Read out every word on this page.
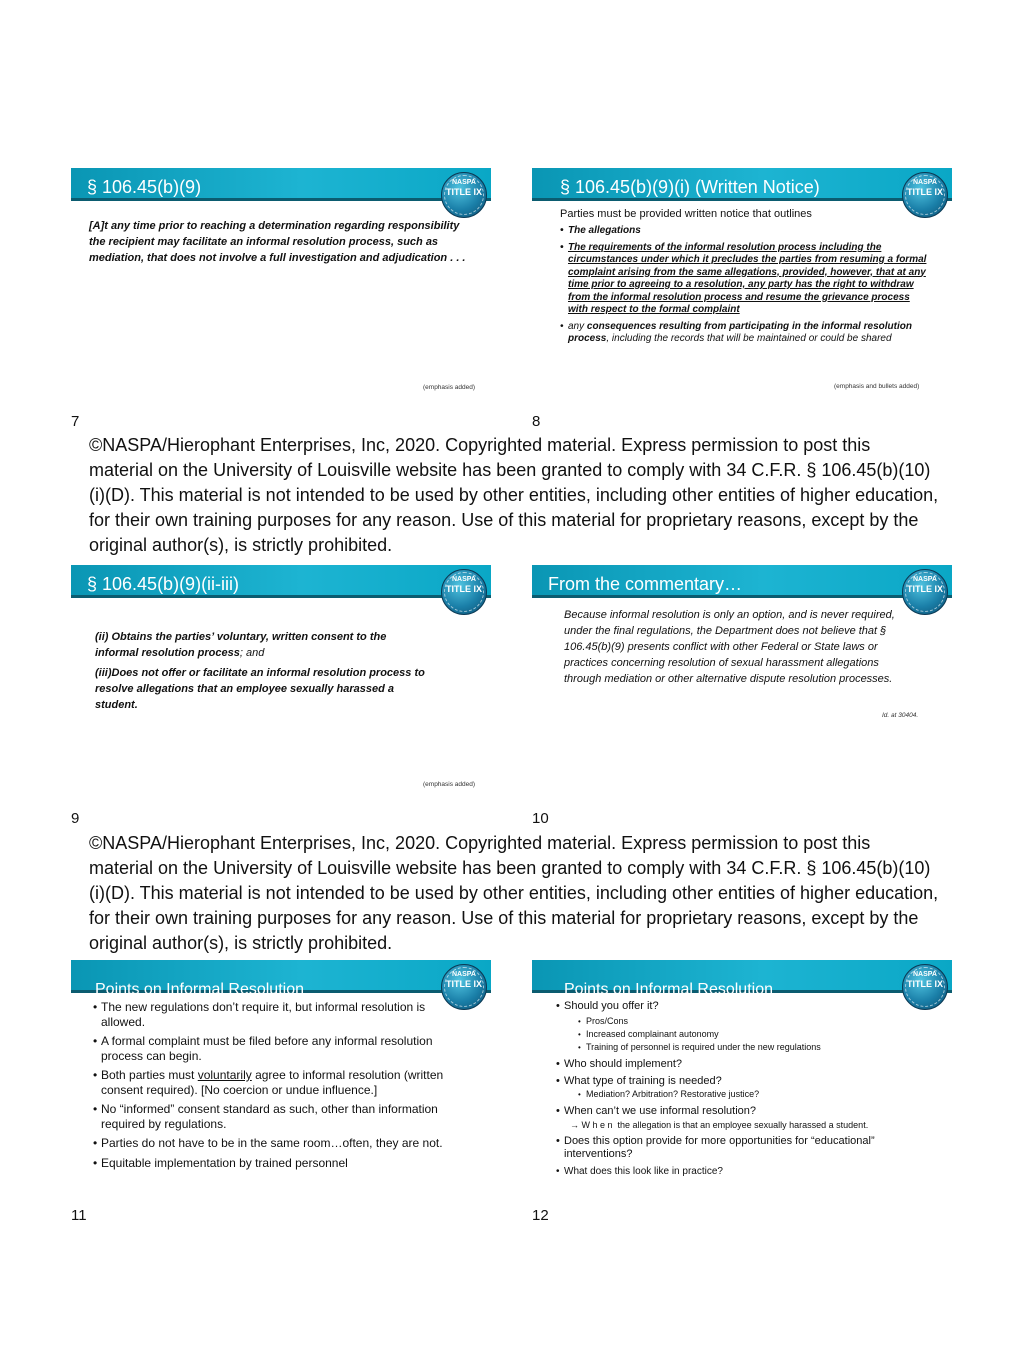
§ 106.45(b)(9)	NASPA
TITLE IX
[A]t any time prior to reaching a determination regarding responsibility the recipient may facilitate an informal resolution process, such as mediation, that does not involve a full investigation and adjudication . . .
(emphasis added)
7
§ 106.45(b)(9)(i) (Written Notice)	NASPA
TITLE IX
Parties must be provided written notice that outlines
• The allegations
• The requirements of the informal resolution process including the circumstances under which it precludes the parties from resuming a formal complaint arising from the same allegations, provided, however, that at any time prior to agreeing to a resolution, any party has the right to withdraw from the informal resolution process and resume the grievance process with respect to the formal complaint
• any consequences resulting from participating in the informal resolution process, including the records that will be maintained or could be shared
(emphasis and bullets added)
8
©NASPA/Hierophant Enterprises, Inc, 2020. Copyrighted material. Express permission to post this material on the University of Louisville website has been granted to comply with 34 C.F.R. § 106.45(b)(10)(i)(D). This material is not intended to be used by other entities, including other entities of higher education, for their own training purposes for any reason. Use of this material for proprietary reasons, except by the original author(s), is strictly prohibited.
§ 106.45(b)(9)(ii-iii)	NASPA
TITLE IX
(ii) Obtains the parties’ voluntary, written consent to the informal resolution process; and
(iii)Does not offer or facilitate an informal resolution process to resolve allegations that an employee sexually harassed a student.
(emphasis added)
9
From the commentary…	NASPA
TITLE IX
Because informal resolution is only an option, and is never required, under the final regulations, the Department does not believe that § 106.45(b)(9) presents conflict with other Federal or State laws or practices concerning resolution of sexual harassment allegations through mediation or other alternative dispute resolution processes.
Id. at 30404.
10
©NASPA/Hierophant Enterprises, Inc, 2020. Copyrighted material. Express permission to post this material on the University of Louisville website has been granted to comply with 34 C.F.R. § 106.45(b)(10)(i)(D). This material is not intended to be used by other entities, including other entities of higher education, for their own training purposes for any reason. Use of this material for proprietary reasons, except by the original author(s), is strictly prohibited.
Points on Informal Resolution
NASPA
TITLE IX
• The new regulations don’t require it, but informal resolution is allowed.
• A formal complaint must be filed before any informal resolution process can begin.
• Both parties must voluntarily agree to informal resolution (written consent required). [No coercion or undue influence.]
• No “informed” consent standard as such, other than information
required by regulations.
• Parties do not have to be in the same room…often, they are not.
• Equitable implementation by trained personnel
11
Points on Informal Resolution
NASPA
TITLE IX
• Should you offer it?
• Pros/Cons
• Increased complainant autonomy
• Training of personnel is required under the new regulations
• Who should implement?
• What type of training is needed?
• Mediation? Arbitration? Restorative justice?
• When can’t we use informal resolution?
→ W h e n the allegation is that an employee sexually harassed a student.
• Does this option provide for more opportunities for “educational” interventions?
• What does this look like in practice?
12
